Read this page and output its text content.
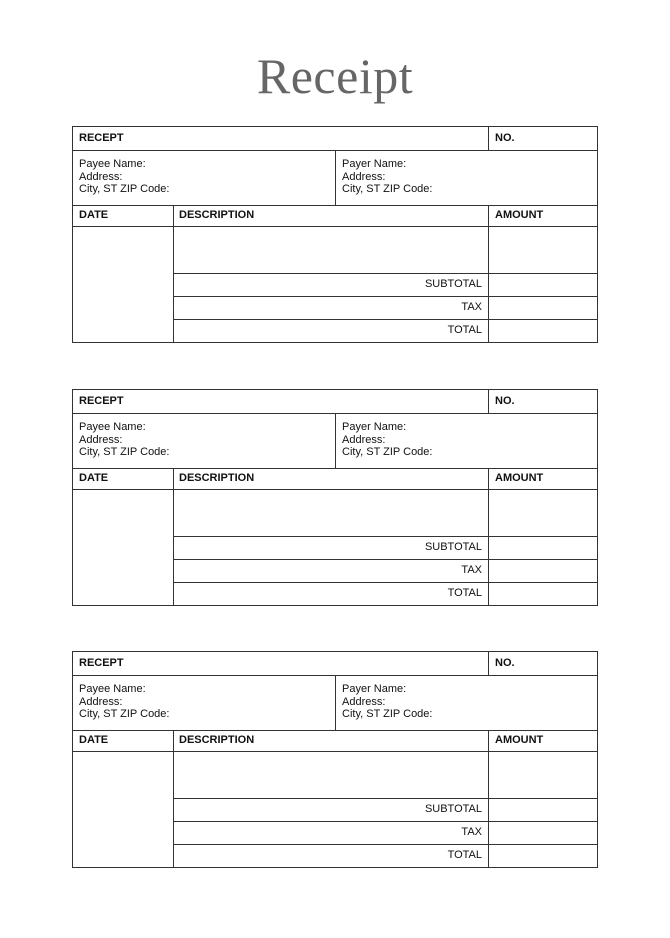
Receipt
RECEPT	NO.
Payee Name:
Address:
City, ST ZIP Code:
Payer Name:
Address:
City, ST ZIP Code:
DATE	DESCRIPTION	AMOUNT
SUBTOTAL
TAX
TOTAL
RECEPT	NO.
Payee Name:
Address:
City, ST ZIP Code:
Payer Name:
Address:
City, ST ZIP Code:
DATE	DESCRIPTION	AMOUNT
SUBTOTAL
TAX
TOTAL
RECEPT	NO.
Payee Name:
Address:
City, ST ZIP Code:
Payer Name:
Address:
City, ST ZIP Code:
DATE	DESCRIPTION	AMOUNT
SUBTOTAL
TAX
TOTAL
